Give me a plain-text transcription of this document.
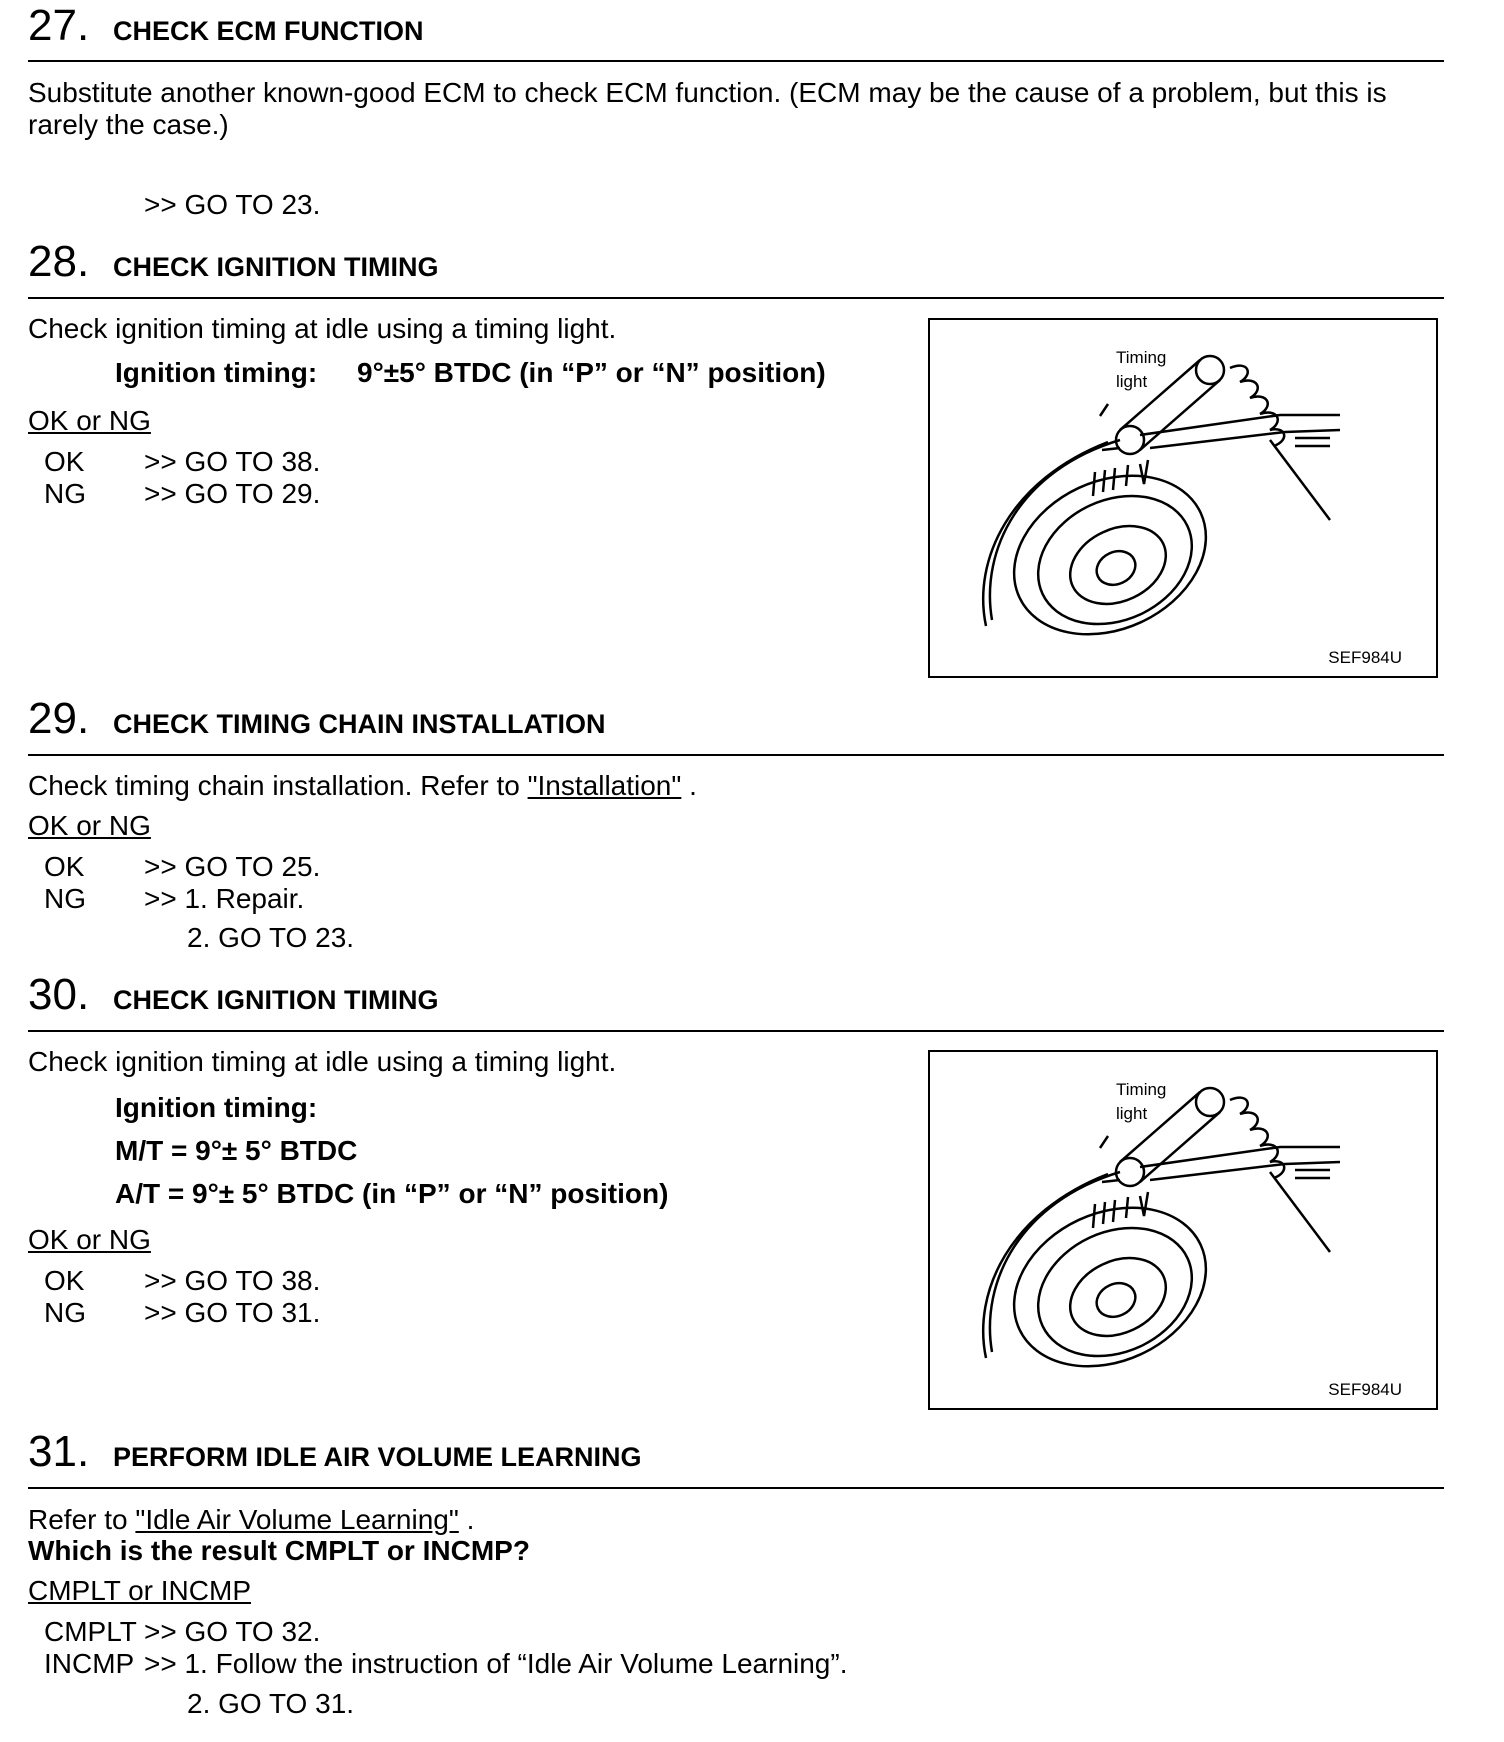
27. CHECK ECM FUNCTION
Substitute another known-good ECM to check ECM function. (ECM may be the cause of a problem, but this is
rarely the case.)
>> GO TO 23.
28. CHECK IGNITION TIMING
Check ignition timing at idle using a timing light.
Ignition timing: 9°±5° BTDC (in “P” or “N” position)
OK or NG
OK >> GO TO 38.
NG >> GO TO 29.
Timing
light
SEF984U
29. CHECK TIMING CHAIN INSTALLATION
Check timing chain installation. Refer to "Installation" .
OK or NG
OK >> GO TO 25.
NG >> 1. Repair.
2. GO TO 23.
30. CHECK IGNITION TIMING
Check ignition timing at idle using a timing light.
Ignition timing:
M/T = 9°± 5° BTDC
A/T = 9°± 5° BTDC (in “P” or “N” position)
OK or NG
OK >> GO TO 38.
NG >> GO TO 31.
Timing
light
SEF984U
31. PERFORM IDLE AIR VOLUME LEARNING
Refer to "Idle Air Volume Learning" .
Which is the result CMPLT or INCMP?
CMPLT or INCMP
CMPLT >> GO TO 32.
INCMP >> 1. Follow the instruction of “Idle Air Volume Learning”.
2. GO TO 31.
